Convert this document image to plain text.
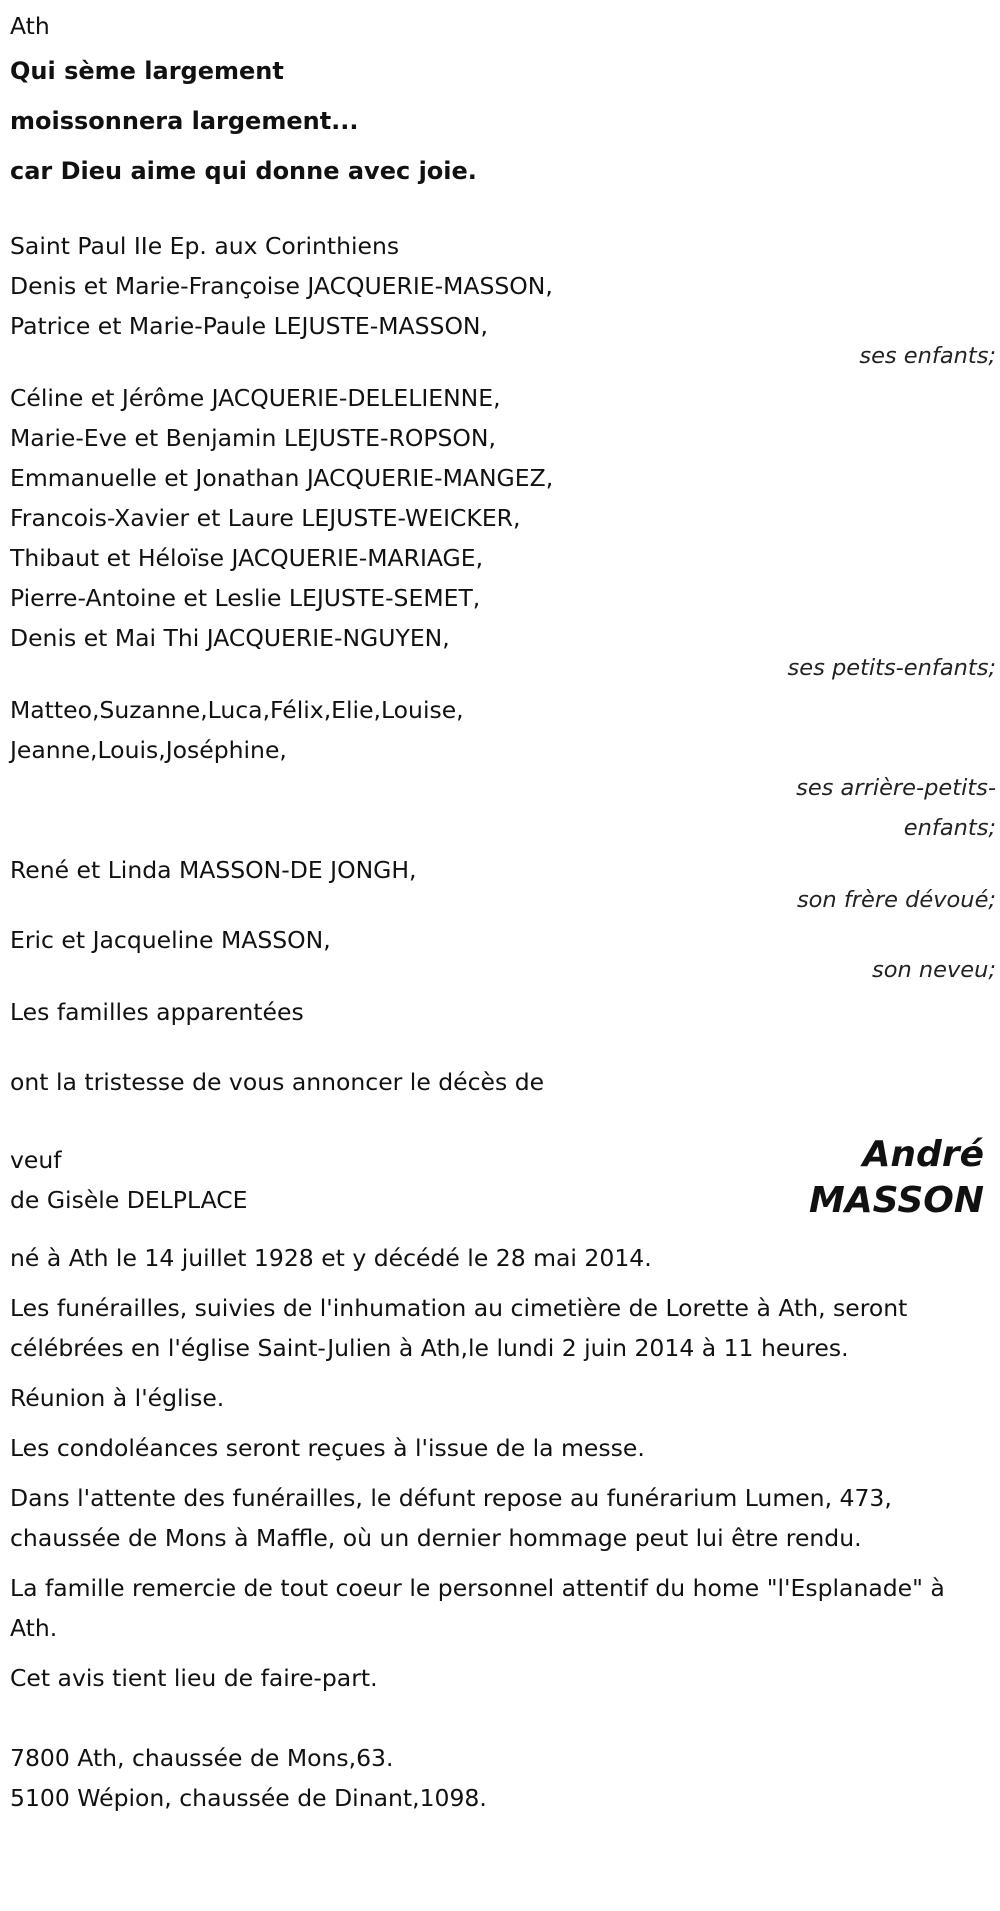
Ath
Qui sème largement
moissonnera largement...
car Dieu aime qui donne avec joie.
Saint Paul IIe Ep. aux Corinthiens
Denis et Marie-Françoise JACQUERIE-MASSON,
Patrice et Marie-Paule LEJUSTE-MASSON,
ses enfants;
Céline et Jérôme JACQUERIE-DELELIENNE,
Marie-Eve et Benjamin LEJUSTE-ROPSON,
Emmanuelle et Jonathan JACQUERIE-MANGEZ,
Francois-Xavier et Laure LEJUSTE-WEICKER,
Thibaut et Héloïse JACQUERIE-MARIAGE,
Pierre-Antoine et Leslie LEJUSTE-SEMET,
Denis et Mai Thi JACQUERIE-NGUYEN,
ses petits-enfants;
Matteo,Suzanne,Luca,Félix,Elie,Louise,
Jeanne,Louis,Joséphine,
ses arrière-petits-
enfants;
René et Linda MASSON-DE JONGH,
son frère dévoué;
Eric et Jacqueline MASSON,
son neveu;
Les familles apparentées
ont la tristesse de vous annoncer le décès de
veuf
de Gisèle DELPLACE
André
MASSON
né à Ath le 14 juillet 1928 et y décédé le 28 mai 2014.
Les funérailles, suivies de l'inhumation au cimetière de Lorette à Ath, seront célébrées en l'église Saint-Julien à Ath,le lundi 2 juin 2014 à 11 heures.
Réunion à l'église.
Les condoléances seront reçues à l'issue de la messe.
Dans l'attente des funérailles, le défunt repose au funérarium Lumen, 473, chaussée de Mons à Maffle, où un dernier hommage peut lui être rendu.
La famille remercie de tout coeur le personnel attentif du home "l'Esplanade" à Ath.
Cet avis tient lieu de faire-part.
7800 Ath, chaussée de Mons,63.
5100 Wépion, chaussée de Dinant,1098.
